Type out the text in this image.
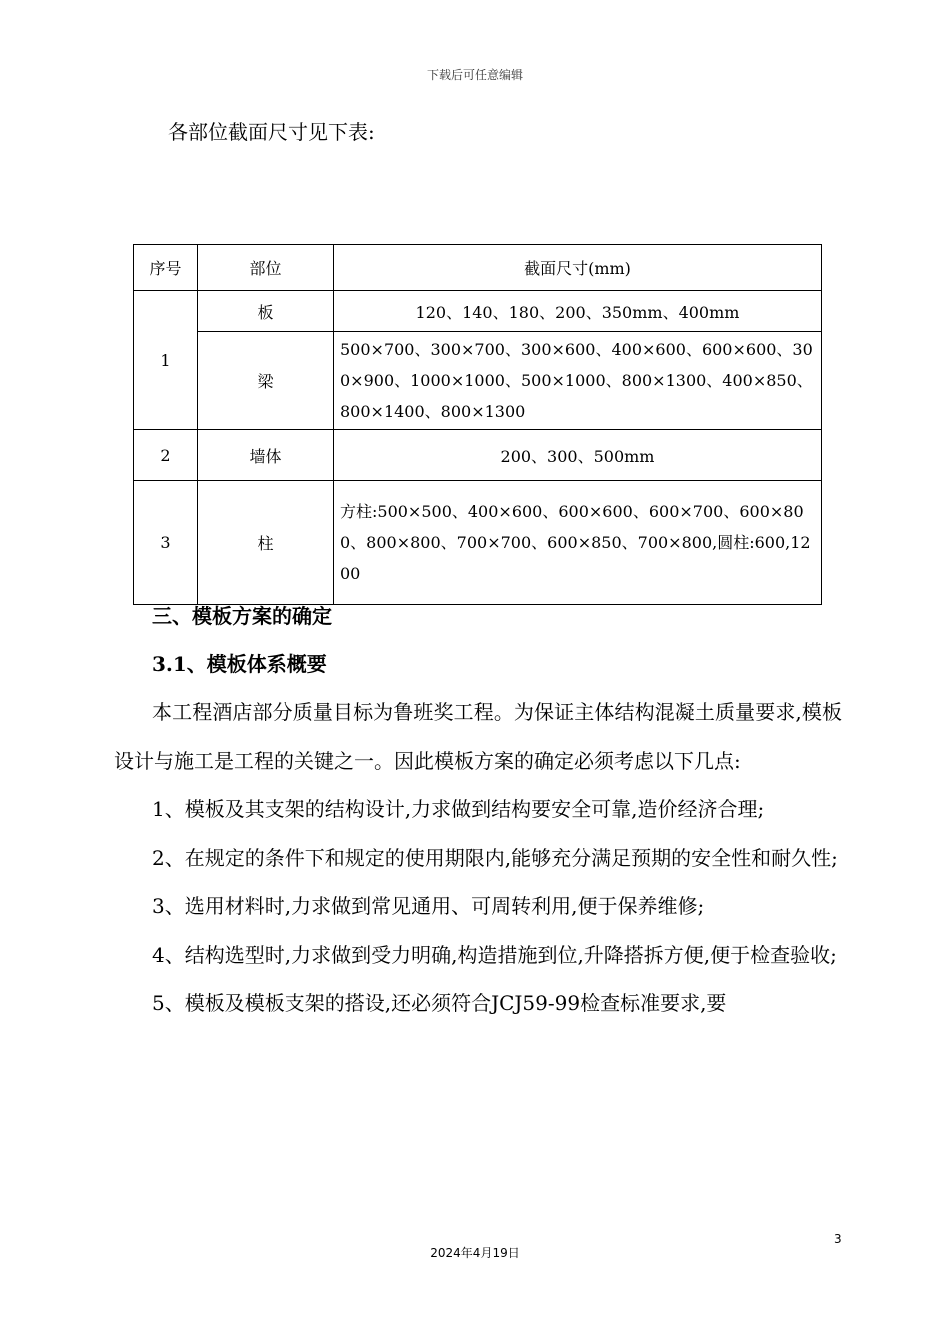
下载后可任意编辑
各部位截面尺寸见下表:
序号	部位	截面尺寸(mm)
1	板	120、140、180、200、350mm、400mm
	梁	500×700、300×700、300×600、400×600、600×600、300×900、1000×1000、500×1000、800×1300、400×850、800×1400、800×1300
2	墙体	200、300、500mm
3	柱	方柱:500×500、400×600、600×600、600×700、600×800、800×800、700×700、600×850、700×800,圆柱:600,1200
三、模板方案的确定
3.1、模板体系概要

本工程酒店部分质量目标为鲁班奖工程。为保证主体结构混凝土质量要求,模板设计与施工是工程的关键之一。因此模板方案的确定必须考虑以下几点:

1、模板及其支架的结构设计,力求做到结构要安全可靠,造价经济合理;

2、在规定的条件下和规定的使用期限内,能够充分满足预期的安全性和耐久性;

3、选用材料时,力求做到常见通用、可周转利用,便于保养维修;

4、结构选型时,力求做到受力明确,构造措施到位,升降搭拆方便,便于检查验收;

5、模板及模板支架的搭设,还必须符合JCJ59-99检查标准要求,要

3
2024年4月19日
